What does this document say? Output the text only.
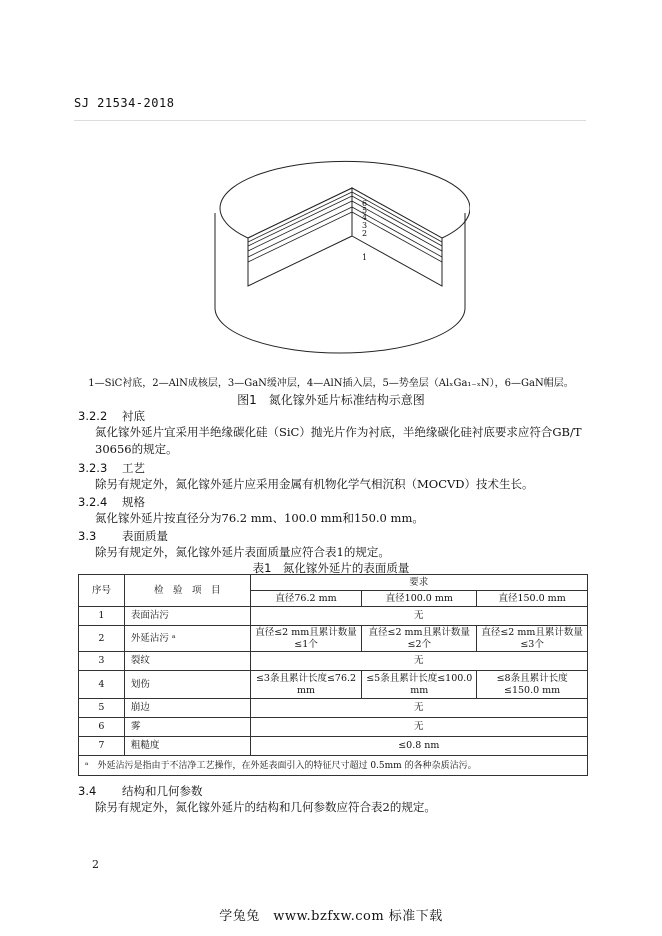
SJ 21534-2018
6
5
4
3
2
1
1—SiC衬底，2—AlN成核层，3—GaN缓冲层，4—AlN插入层，5—势垒层（AlₓGa₁₋ₓN），6—GaN帽层。
图1　氮化镓外延片标准结构示意图
3.2.2 衬底
氮化镓外延片宜采用半绝缘碳化硅（SiC）抛光片作为衬底，半绝缘碳化硅衬底要求应符合GB/T 30656的规定。
3.2.3 工艺
除另有规定外，氮化镓外延片应采用金属有机物化学气相沉积（MOCVD）技术生长。
3.2.4 规格
氮化镓外延片按直径分为76.2 mm、100.0 mm和150.0 mm。
3.3 表面质量
除另有规定外，氮化镓外延片表面质量应符合表1的规定。
表1　氮化镓外延片的表面质量
序号	检　验　项　目	要求		
		直径76.2 mm	直径100.0 mm	直径150.0 mm
1	表面沾污	无		
2	外延沾污 ᵃ	直径≤2 mm且累计数量≤1个	直径≤2 mm且累计数量≤2个	直径≤2 mm且累计数量≤3个
3	裂纹	无		
4	划伤	≤3条且累计长度≤76.2 mm	≤5条且累计长度≤100.0 mm	≤8条且累计长度≤150.0 mm
5	崩边	无		
6	雾	无		
7	粗糙度	≤0.8 nm		
ᵃ　外延沾污是指由于不洁净工艺操作，在外延表面引入的特征尺寸超过 0.5mm 的各种杂质沾污。				
3.4 结构和几何参数
除另有规定外，氮化镓外延片的结构和几何参数应符合表2的规定。
2
学兔兔　www.bzfxw.com 标准下载
